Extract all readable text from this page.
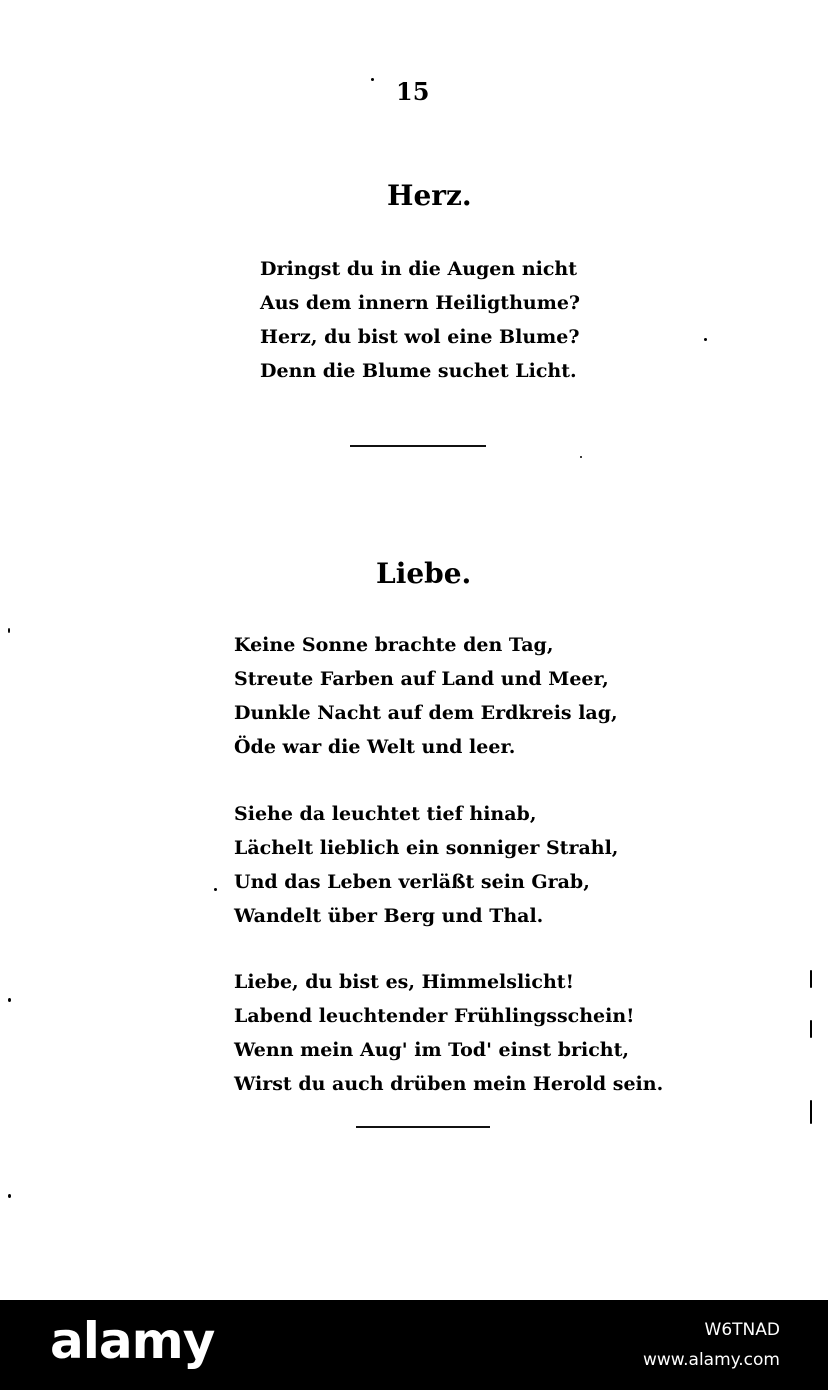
15
Herz.
Dringst du in die Augen nicht
Aus dem innern Heiligthume?
Herz, du bist wol eine Blume?
Denn die Blume suchet Licht.
Liebe.
Keine Sonne brachte den Tag,
Streute Farben auf Land und Meer,
Dunkle Nacht auf dem Erdkreis lag,
Öde war die Welt und leer.
Siehe da leuchtet tief hinab,
Lächelt lieblich ein sonniger Strahl,
Und das Leben verläßt sein Grab,
Wandelt über Berg und Thal.
Liebe, du bist es, Himmelslicht!
Labend leuchtender Frühlingsschein!
Wenn mein Aug' im Tod' einst bricht,
Wirst du auch drüben mein Herold sein.
alamy	W6TNAD
www.alamy.com
